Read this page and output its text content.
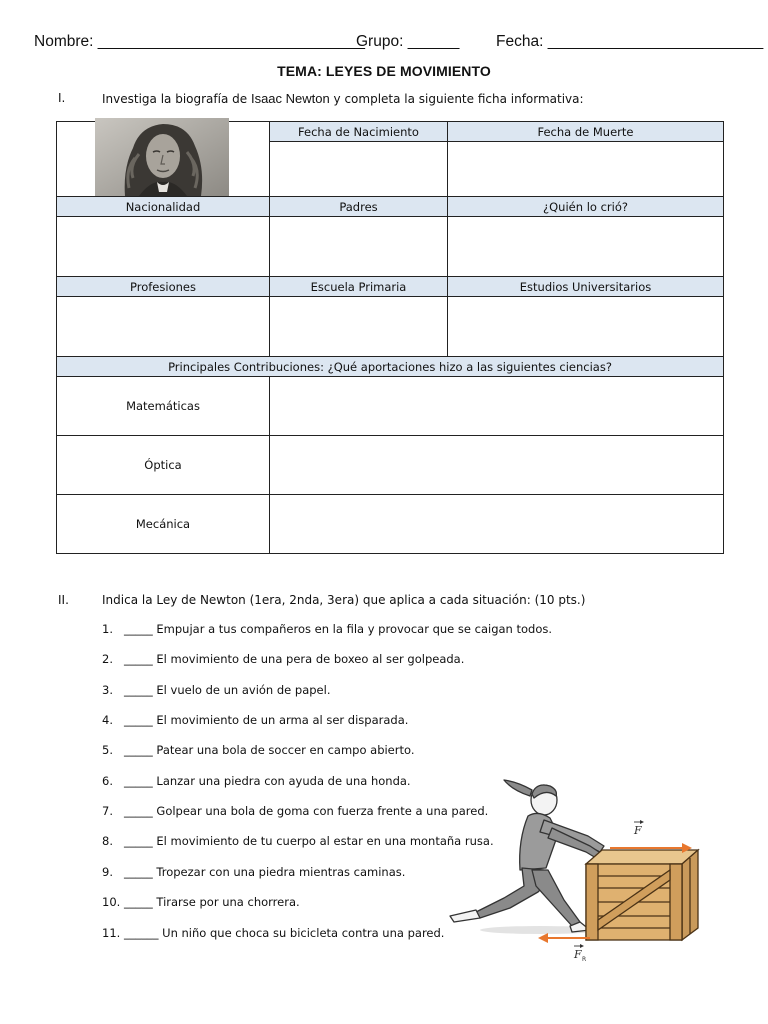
Nombre: _______________________________
Grupo: ______ Fecha: _________________________
TEMA: LEYES DE MOVIMIENTO
I.	Investiga la biografía de Isaac Newton y completa la siguiente ficha informativa:
	Fecha de Nacimiento	Fecha de Muerte

Nacionalidad	Padres	¿Quién lo crió?

Profesiones	Escuela Primaria	Estudios Universitarios

Principales Contribuciones: ¿Qué aportaciones hizo a las siguientes ciencias?		
Matemáticas		
Óptica		
Mecánica		
II.	Indica la Ley de Newton (1era, 2nda, 3era) que aplica a cada situación: (10 pts.)
1. _____ Empujar a tus compañeros en la fila y provocar que se caigan todos.
2. _____ El movimiento de una pera de boxeo al ser golpeada.
3. _____ El vuelo de un avión de papel.
4. _____ El movimiento de un arma al ser disparada.
5. _____ Patear una bola de soccer en campo abierto.
6. _____ Lanzar una piedra con ayuda de una honda.
7. _____ Golpear una bola de goma con fuerza frente a una pared.
8. _____ El movimiento de tu cuerpo al estar en una montaña rusa.
9. _____ Tropezar con una piedra mientras caminas.
10. _____ Tirarse por una chorrera.
11. ______ Un niño que choca su bicicleta contra una pared.
F
F R
